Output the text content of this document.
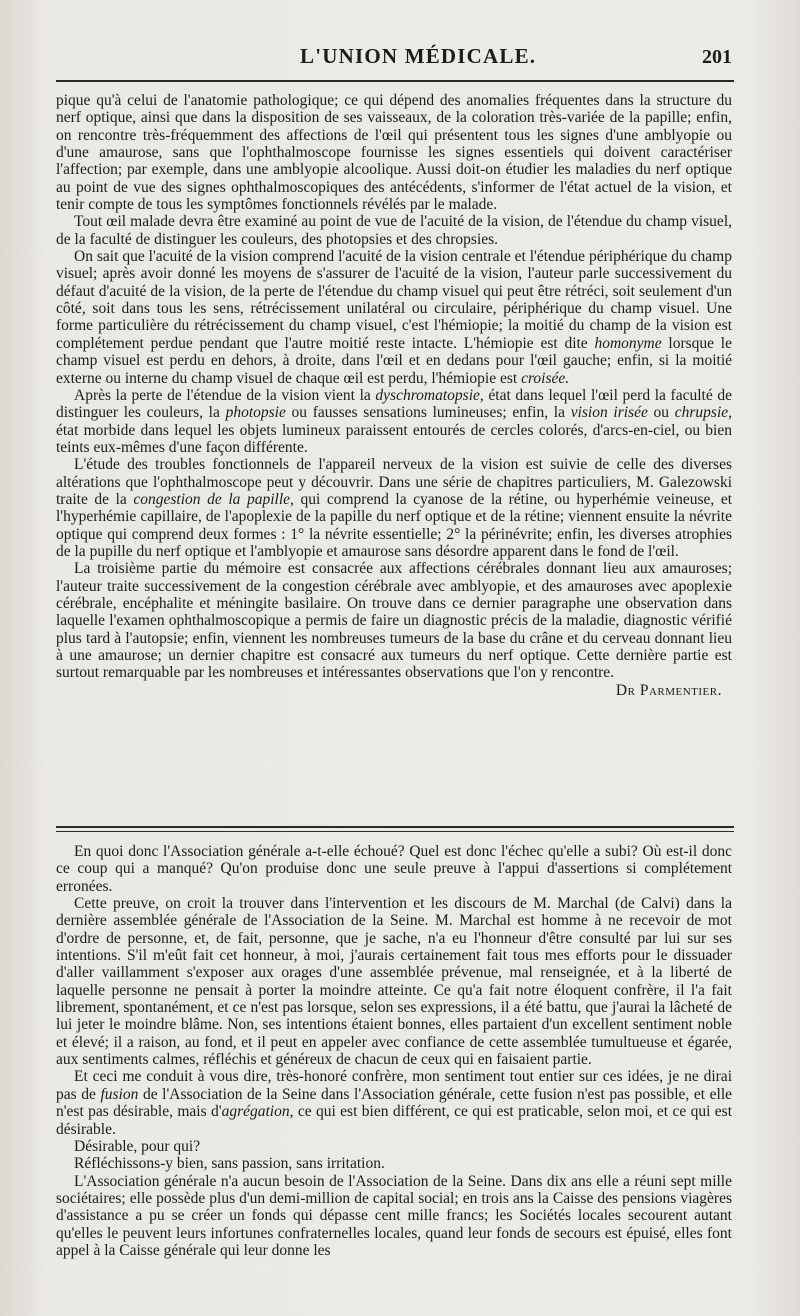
L'UNION MÉDICALE.	201

pique qu'à celui de l'anatomie pathologique; ce qui dépend des anomalies fréquentes dans la structure du nerf optique, ainsi que dans la disposition de ses vaisseaux, de la coloration très-variée de la papille; enfin, on rencontre très-fréquemment des affections de l'œil qui présentent tous les signes d'une amblyopie ou d'une amaurose, sans que l'ophthalmoscope fournisse les signes essentiels qui doivent caractériser l'affection; par exemple, dans une amblyopie alcoolique. Aussi doit-on étudier les maladies du nerf optique au point de vue des signes ophthalmoscopiques des antécédents, s'informer de l'état actuel de la vision, et tenir compte de tous les symptômes fonctionnels révélés par le malade.

Tout œil malade devra être examiné au point de vue de l'acuité de la vision, de l'étendue du champ visuel, de la faculté de distinguer les couleurs, des photopsies et des chropsies.

On sait que l'acuité de la vision comprend l'acuité de la vision centrale et l'étendue périphérique du champ visuel; après avoir donné les moyens de s'assurer de l'acuité de la vision, l'auteur parle successivement du défaut d'acuité de la vision, de la perte de l'étendue du champ visuel qui peut être rétréci, soit seulement d'un côté, soit dans tous les sens, rétrécissement unilatéral ou circulaire, périphérique du champ visuel. Une forme particulière du rétrécissement du champ visuel, c'est l'hémiopie; la moitié du champ de la vision est complétement perdue pendant que l'autre moitié reste intacte. L'hémiopie est dite homonyme lorsque le champ visuel est perdu en dehors, à droite, dans l'œil et en dedans pour l'œil gauche; enfin, si la moitié externe ou interne du champ visuel de chaque œil est perdu, l'hémiopie est croisée.

Après la perte de l'étendue de la vision vient la dyschromatopsie, état dans lequel l'œil perd la faculté de distinguer les couleurs, la photopsie ou fausses sensations lumineuses; enfin, la vision irisée ou chrupsie, état morbide dans lequel les objets lumineux paraissent entourés de cercles colorés, d'arcs-en-ciel, ou bien teints eux-mêmes d'une façon différente.

L'étude des troubles fonctionnels de l'appareil nerveux de la vision est suivie de celle des diverses altérations que l'ophthalmoscope peut y découvrir. Dans une série de chapitres particuliers, M. Galezowski traite de la congestion de la papille, qui comprend la cyanose de la rétine, ou hyperhémie veineuse, et l'hyperhémie capillaire, de l'apoplexie de la papille du nerf optique et de la rétine; viennent ensuite la névrite optique qui comprend deux formes : 1° la névrite essentielle; 2° la périnévrite; enfin, les diverses atrophies de la pupille du nerf optique et l'amblyopie et amaurose sans désordre apparent dans le fond de l'œil.

La troisième partie du mémoire est consacrée aux affections cérébrales donnant lieu aux amauroses; l'auteur traite successivement de la congestion cérébrale avec amblyopie, et des amauroses avec apoplexie cérébrale, encéphalite et méningite basilaire. On trouve dans ce dernier paragraphe une observation dans laquelle l'examen ophthalmoscopique a permis de faire un diagnostic précis de la maladie, diagnostic vérifié plus tard à l'autopsie; enfin, viennent les nombreuses tumeurs de la base du crâne et du cerveau donnant lieu à une amaurose; un dernier chapitre est consacré aux tumeurs du nerf optique. Cette dernière partie est surtout remarquable par les nombreuses et intéressantes observations que l'on y rencontre.

Dr Parmentier.

En quoi donc l'Association générale a-t-elle échoué? Quel est donc l'échec qu'elle a subi? Où est-il donc ce coup qui a manqué? Qu'on produise donc une seule preuve à l'appui d'assertions si complétement erronées.

Cette preuve, on croit la trouver dans l'intervention et les discours de M. Marchal (de Calvi) dans la dernière assemblée générale de l'Association de la Seine. M. Marchal est homme à ne recevoir de mot d'ordre de personne, et, de fait, personne, que je sache, n'a eu l'honneur d'être consulté par lui sur ses intentions. S'il m'eût fait cet honneur, à moi, j'aurais certainement fait tous mes efforts pour le dissuader d'aller vaillamment s'exposer aux orages d'une assemblée prévenue, mal renseignée, et à la liberté de laquelle personne ne pensait à porter la moindre atteinte. Ce qu'a fait notre éloquent confrère, il l'a fait librement, spontanément, et ce n'est pas lorsque, selon ses expressions, il a été battu, que j'aurai la lâcheté de lui jeter le moindre blâme. Non, ses intentions étaient bonnes, elles partaient d'un excellent sentiment noble et élevé; il a raison, au fond, et il peut en appeler avec confiance de cette assemblée tumultueuse et égarée, aux sentiments calmes, réfléchis et généreux de chacun de ceux qui en faisaient partie.

Et ceci me conduit à vous dire, très-honoré confrère, mon sentiment tout entier sur ces idées, je ne dirai pas de fusion de l'Association de la Seine dans l'Association générale, cette fusion n'est pas possible, et elle n'est pas désirable, mais d'agrégation, ce qui est bien différent, ce qui est praticable, selon moi, et ce qui est désirable.

Désirable, pour qui?

Réfléchissons-y bien, sans passion, sans irritation.

L'Association générale n'a aucun besoin de l'Association de la Seine. Dans dix ans elle a réuni sept mille sociétaires; elle possède plus d'un demi-million de capital social; en trois ans la Caisse des pensions viagères d'assistance a pu se créer un fonds qui dépasse cent mille francs; les Sociétés locales secourent autant qu'elles le peuvent leurs infortunes confraternelles locales, quand leur fonds de secours est épuisé, elles font appel à la Caisse générale qui leur donne les
